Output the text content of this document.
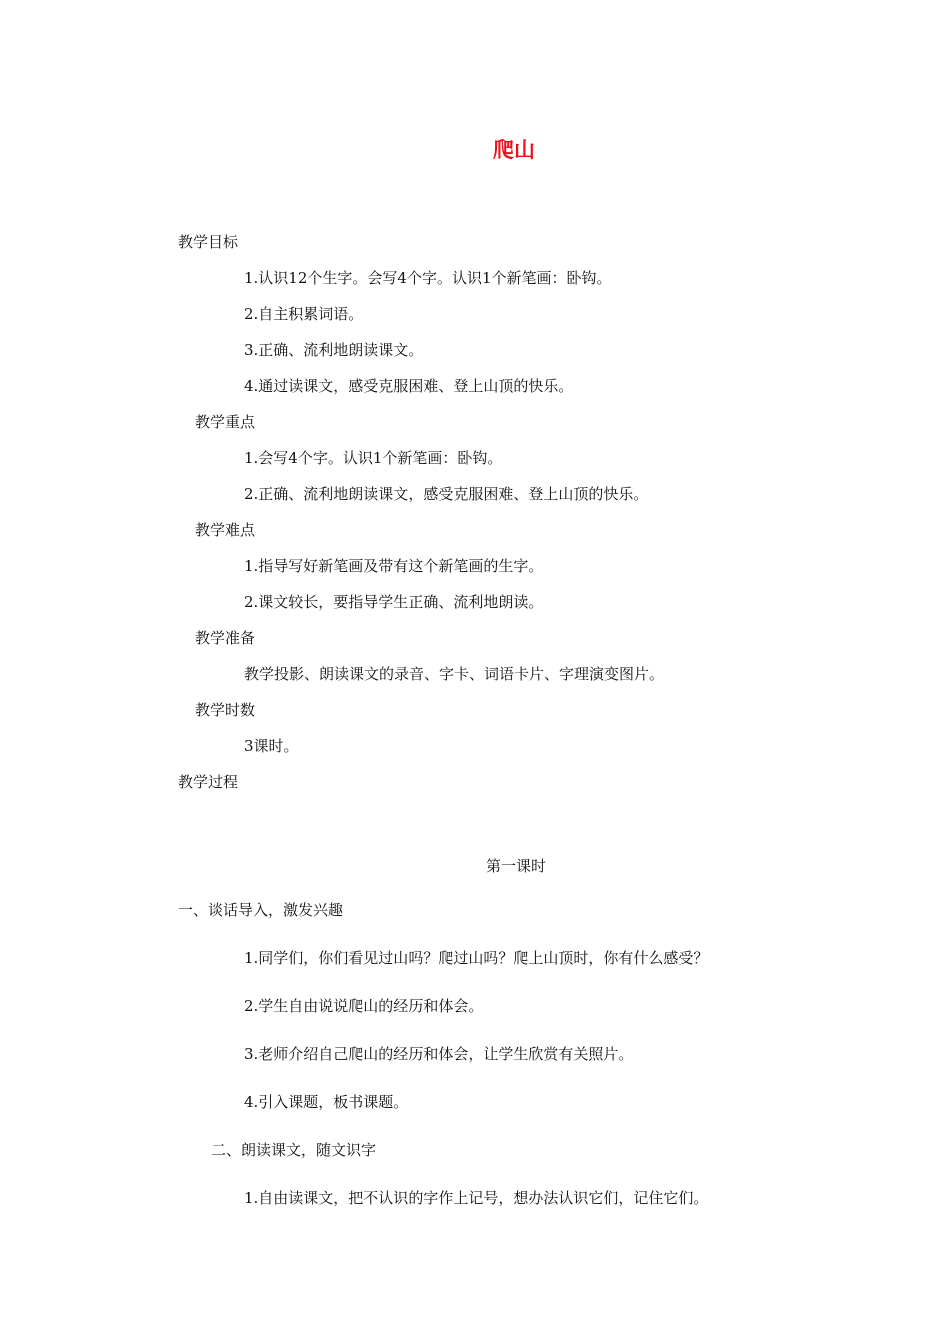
爬山
教学目标
1.认识12个生字。会写4个字。认识1个新笔画：卧钩。
2.自主积累词语。
3.正确、流利地朗读课文。
4.通过读课文，感受克服困难、登上山顶的快乐。
教学重点
1.会写4个字。认识1个新笔画：卧钩。
2.正确、流利地朗读课文，感受克服困难、登上山顶的快乐。
教学难点
1.指导写好新笔画及带有这个新笔画的生字。
2.课文较长，要指导学生正确、流利地朗读。
教学准备
教学投影、朗读课文的录音、字卡、词语卡片、字理演变图片。
教学时数
3课时。
教学过程
第一课时
一、谈话导入，激发兴趣
1.同学们，你们看见过山吗？爬过山吗？爬上山顶时，你有什么感受？
2.学生自由说说爬山的经历和体会。
3.老师介绍自己爬山的经历和体会，让学生欣赏有关照片。
4.引入课题，板书课题。
二、朗读课文，随文识字
1.自由读课文，把不认识的字作上记号，想办法认识它们，记住它们。
